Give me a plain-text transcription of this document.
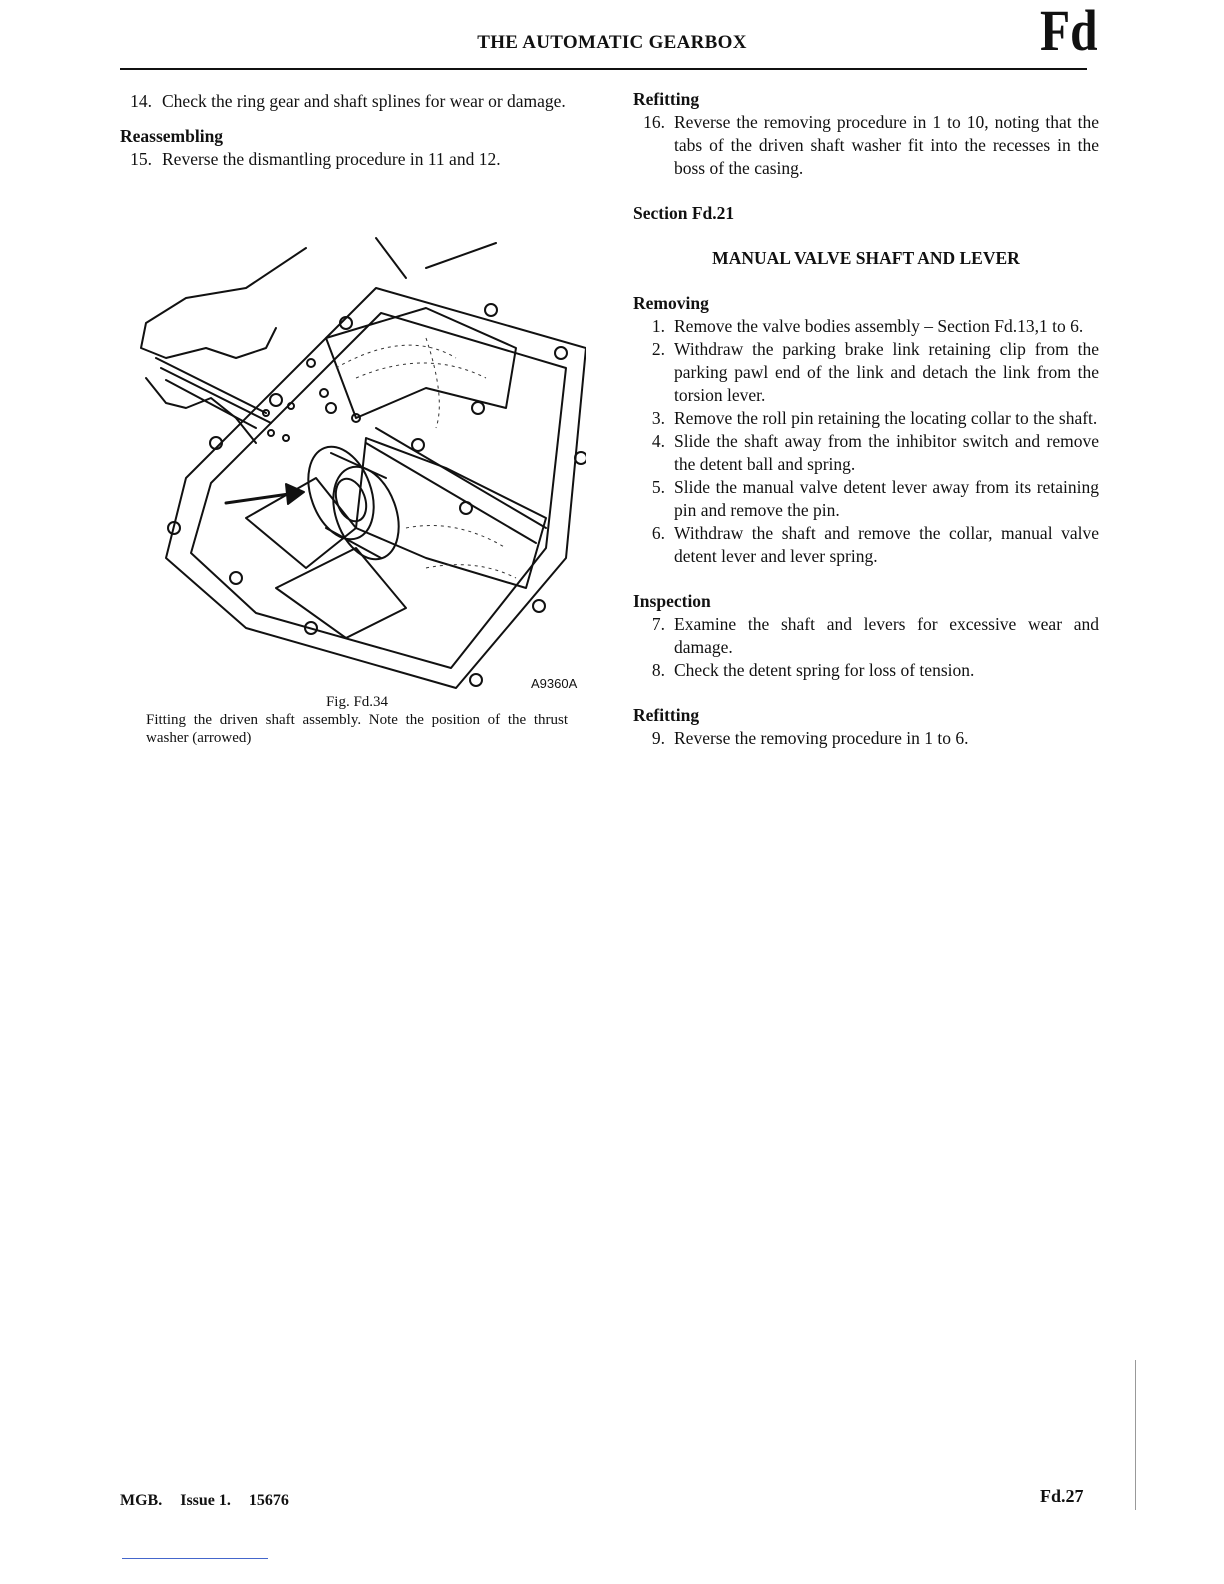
THE AUTOMATIC GEARBOX	Fd
14. Check the ring gear and shaft splines for wear or damage.

Reassembling

15. Reverse the dismantling procedure in 11 and 12.
A9360A
Fig. Fd.34
Fitting the driven shaft assembly. Note the position of the thrust washer (arrowed)

Refitting

16. Reverse the removing procedure in 1 to 10, noting that the tabs of the driven shaft washer fit into the recesses in the boss of the casing.

Section Fd.21

MANUAL VALVE SHAFT AND LEVER

Removing

1. Remove the valve bodies assembly – Section Fd.13,1 to 6.
2. Withdraw the parking brake link retaining clip from the parking pawl end of the link and detach the link from the torsion lever.
3. Remove the roll pin retaining the locating collar to the shaft.
4. Slide the shaft away from the inhibitor switch and remove the detent ball and spring.
5. Slide the manual valve detent lever away from its retaining pin and remove the pin.
6. Withdraw the shaft and remove the collar, manual valve detent lever and lever spring.

Inspection

7. Examine the shaft and levers for excessive wear and damage.
8. Check the detent spring for loss of tension.

Refitting

9. Reverse the removing procedure in 1 to 6.
MGB. Issue 1. 15676	Fd.27
